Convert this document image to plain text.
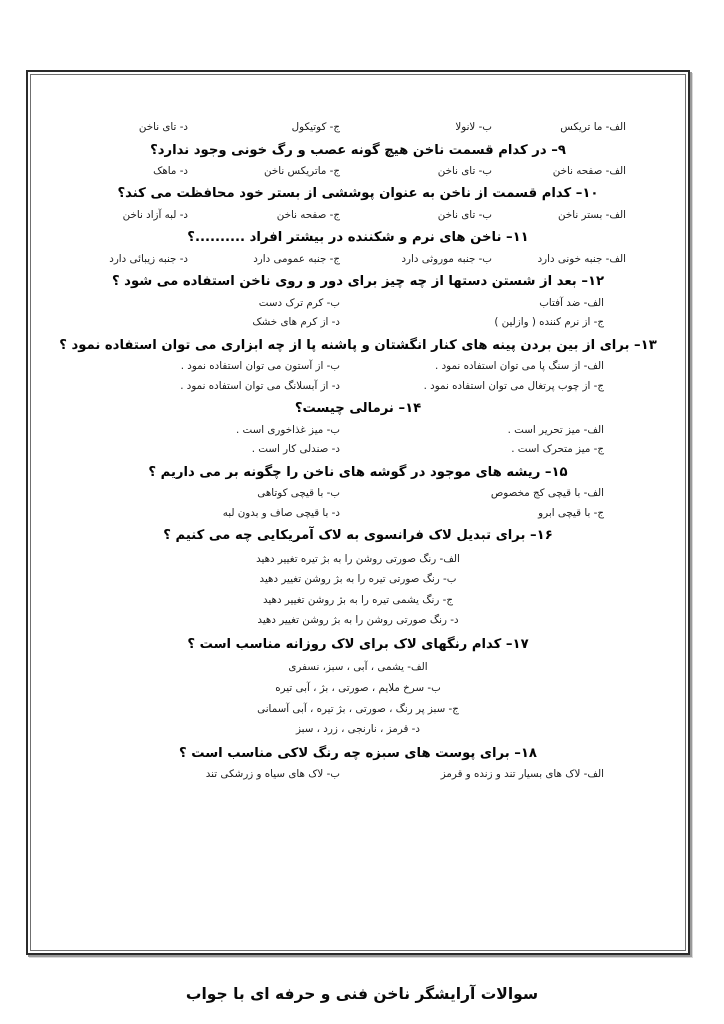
الف- ما تریکس
ب- لانولا
ج- کوتیکول
د- تای ناخن
۹– در کدام قسمت ناخن هیچ گونه عصب و رگ خونی وجود ندارد؟
الف- صفحه ناخن
ب- تای ناخن
ج- ماتریکس ناخن
د- ماهک
۱۰– کدام قسمت از ناخن به عنوان پوششی از بستر خود محافظت می کند؟
الف- بستر ناخن
ب- تای ناخن
ج- صفحه ناخن
د- لبه آزاد ناخن
۱۱– ناخن های نرم و شکننده در بیشتر افراد ..........؟
الف- جنبه خونی دارد
ب- جنبه موروثی دارد
ج- جنبه عمومی دارد
د- جنبه زیبائی دارد
۱۲– بعد از شستن دستها از چه چیز برای دور و روی ناخن استفاده می شود ؟
الف- ضد آفتاب
ب- کرم ترک دست
ج- از نرم کننده ( وازلین )
د- از کرم های خشک
۱۳– برای از بین بردن پینه های کنار انگشتان و پاشنه پا از چه ابزاری می توان استفاده نمود ؟
الف- از سنگ پا می توان استفاده نمود .
ب- از آستون می توان استفاده نمود .
ج- از چوب پرتغال می توان استفاده نمود .
د- از آبسلانگ می توان استفاده نمود .
۱۴– نرمالی چیست؟
الف- میز تحریر است .
ب- میز غذاخوری است .
ج- میز متحرک است .
د- صندلی کار است .
۱۵– ریشه های موجود در گوشه های ناخن را چگونه بر می داریم ؟
الف- با قیچی کج مخصوص
ب- با قیچی کوتاهی
ج- با قیچی ابرو
د- با قیچی صاف و بدون لبه
۱۶– برای تبدیل لاک فرانسوی به لاک آمریکایی چه می کنیم ؟
الف- رنگ صورتی روشن را به بژ تیره تغییر دهید
ب- رنگ صورتی تیره را به بژ روشن تغییر دهید
ج- رنگ یشمی تیره را به بژ روشن تغییر دهید
د- رنگ صورتی روشن را به بژ روشن تغییر دهید
۱۷– کدام رنگهای لاک برای لاک روزانه مناسب است ؟
الف- یشمی ، آبی ، سبز، نسفری
ب- سرخ ملایم ، صورتی ، بژ ، آبی تیره
ج- سبز پر رنگ ، صورتی ، بژ تیره ، آبی آسمانی
د- قرمز ، نارنجی ، زرد ، سبز
۱۸– برای پوست های سبزه چه رنگ لاکی مناسب است ؟
الف- لاک های بسیار تند و زنده و قرمز
ب- لاک های سیاه و زرشکی تند
سوالات آرایشگر ناخن فنی و حرفه ای با جواب
